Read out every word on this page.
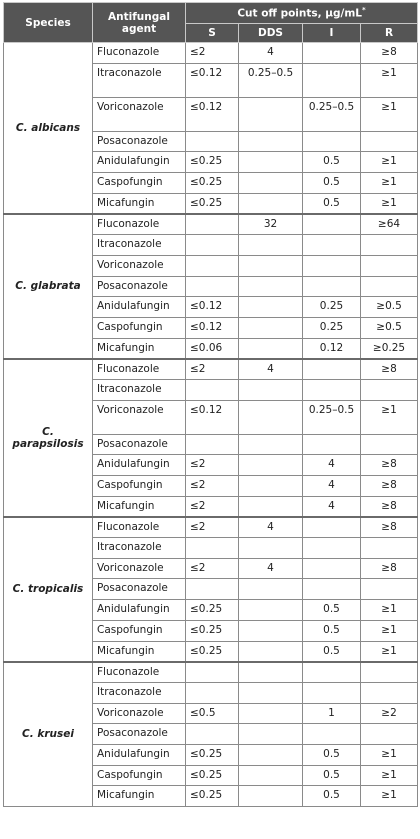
Species	Antifungal agent	Cut off points, µg/mL*
		S	DDS	I	R
C. albicans	Fluconazole	≤2	4		≥8
	Itraconazole	≤0.12	0.25–0.5		≥1
	Voriconazole	≤0.12		0.25–0.5	≥1
	Posaconazole				
	Anidulafungin	≤0.25		0.5	≥1
	Caspofungin	≤0.25		0.5	≥1
	Micafungin	≤0.25		0.5	≥1
C. glabrata	Fluconazole		32		≥64
	Itraconazole				
	Voriconazole				
	Posaconazole				
	Anidulafungin	≤0.12		0.25	≥0.5
	Caspofungin	≤0.12		0.25	≥0.5
	Micafungin	≤0.06		0.12	≥0.25
C. parapsilosis	Fluconazole	≤2	4		≥8
	Itraconazole				
	Voriconazole	≤0.12		0.25–0.5	≥1
	Posaconazole				
	Anidulafungin	≤2		4	≥8
	Caspofungin	≤2		4	≥8
	Micafungin	≤2		4	≥8
C. tropicalis	Fluconazole	≤2	4		≥8
	Itraconazole				
	Voriconazole	≤2	4		≥8
	Posaconazole				
	Anidulafungin	≤0.25		0.5	≥1
	Caspofungin	≤0.25		0.5	≥1
	Micafungin	≤0.25		0.5	≥1
C. krusei	Fluconazole				
	Itraconazole				
	Voriconazole	≤0.5		1	≥2
	Posaconazole				
	Anidulafungin	≤0.25		0.5	≥1
	Caspofungin	≤0.25		0.5	≥1
	Micafungin	≤0.25		0.5	≥1
